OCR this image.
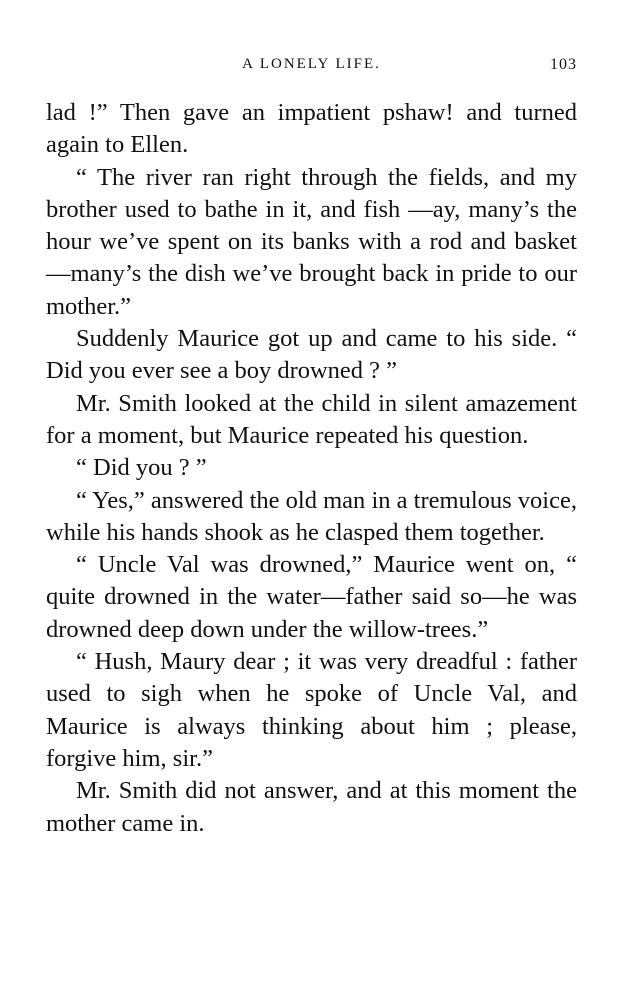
A LONELY LIFE.	103

lad !” Then gave an impatient pshaw! and turned again to Ellen.

“ The river ran right through the fields, and my brother used to bathe in it, and fish —ay, many’s the hour we’ve spent on its banks with a rod and basket—many’s the dish we’ve brought back in pride to our mother.”

Suddenly Maurice got up and came to his side. “ Did you ever see a boy drowned ? ”

Mr. Smith looked at the child in silent amazement for a moment, but Maurice repeated his question.

“ Did you ? ”

“ Yes,” answered the old man in a tremulous voice, while his hands shook as he clasped them together.

“ Uncle Val was drowned,” Maurice went on, “ quite drowned in the water—father said so—he was drowned deep down under the willow-trees.”

“ Hush, Maury dear ; it was very dreadful : father used to sigh when he spoke of Uncle Val, and Maurice is always thinking about him ; please, forgive him, sir.”

Mr. Smith did not answer, and at this moment the mother came in.
